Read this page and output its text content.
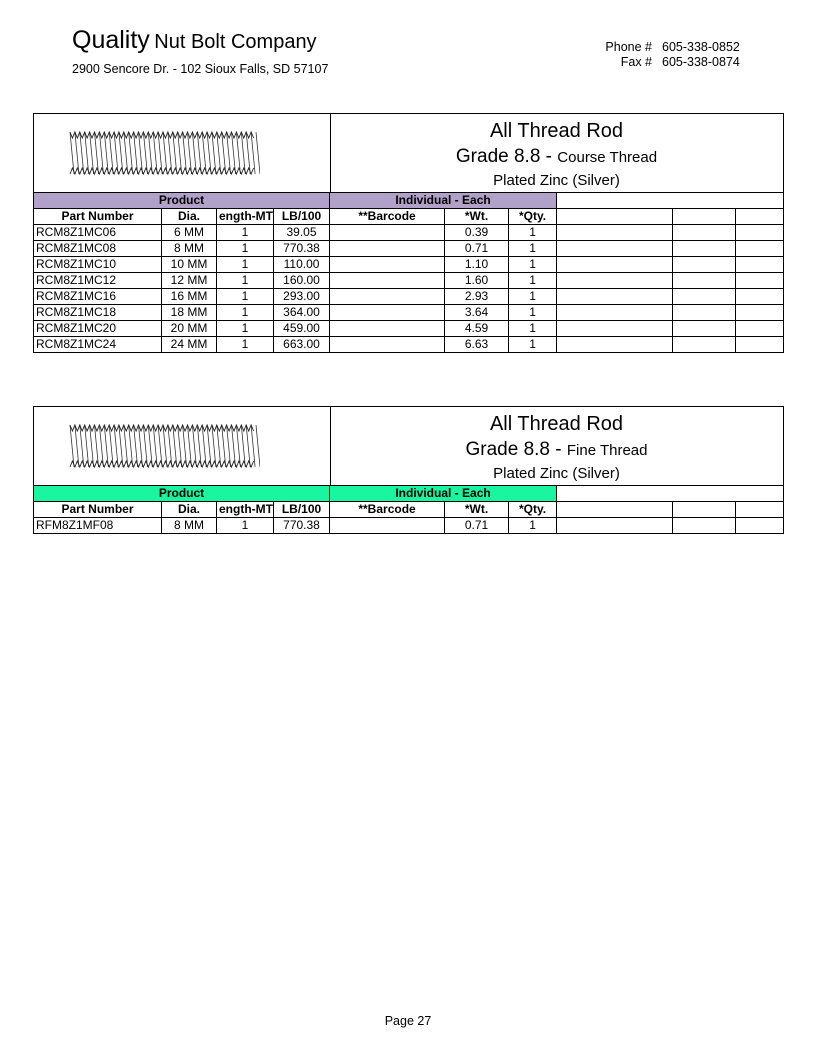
Quality Nut Bolt Company
2900 Sencore Dr. - 102 Sioux Falls, SD 57107
Phone # 605-338-0852
Fax # 605-338-0874
All Thread Rod
Grade 8.8 - Course Thread
Plated Zinc (Silver)
Product				Individual - Each					
Part Number	Dia.	ength-MT	LB/100	**Barcode	*Wt.	*Qty.				
RCM8Z1MC06	6 MM	1	39.05		0.39	1				
RCM8Z1MC08	8 MM	1	770.38		0.71	1				
RCM8Z1MC10	10 MM	1	110.00		1.10	1				
RCM8Z1MC12	12 MM	1	160.00		1.60	1				
RCM8Z1MC16	16 MM	1	293.00		2.93	1				
RCM8Z1MC18	18 MM	1	364.00		3.64	1				
RCM8Z1MC20	20 MM	1	459.00		4.59	1				
RCM8Z1MC24	24 MM	1	663.00		6.63	1				
All Thread Rod
Grade 8.8 - Fine Thread
Plated Zinc (Silver)
Product				Individual - Each					
Part Number	Dia.	ength-MT	LB/100	**Barcode	*Wt.	*Qty.				
RFM8Z1MF08	8 MM	1	770.38		0.71	1				
Page 27
